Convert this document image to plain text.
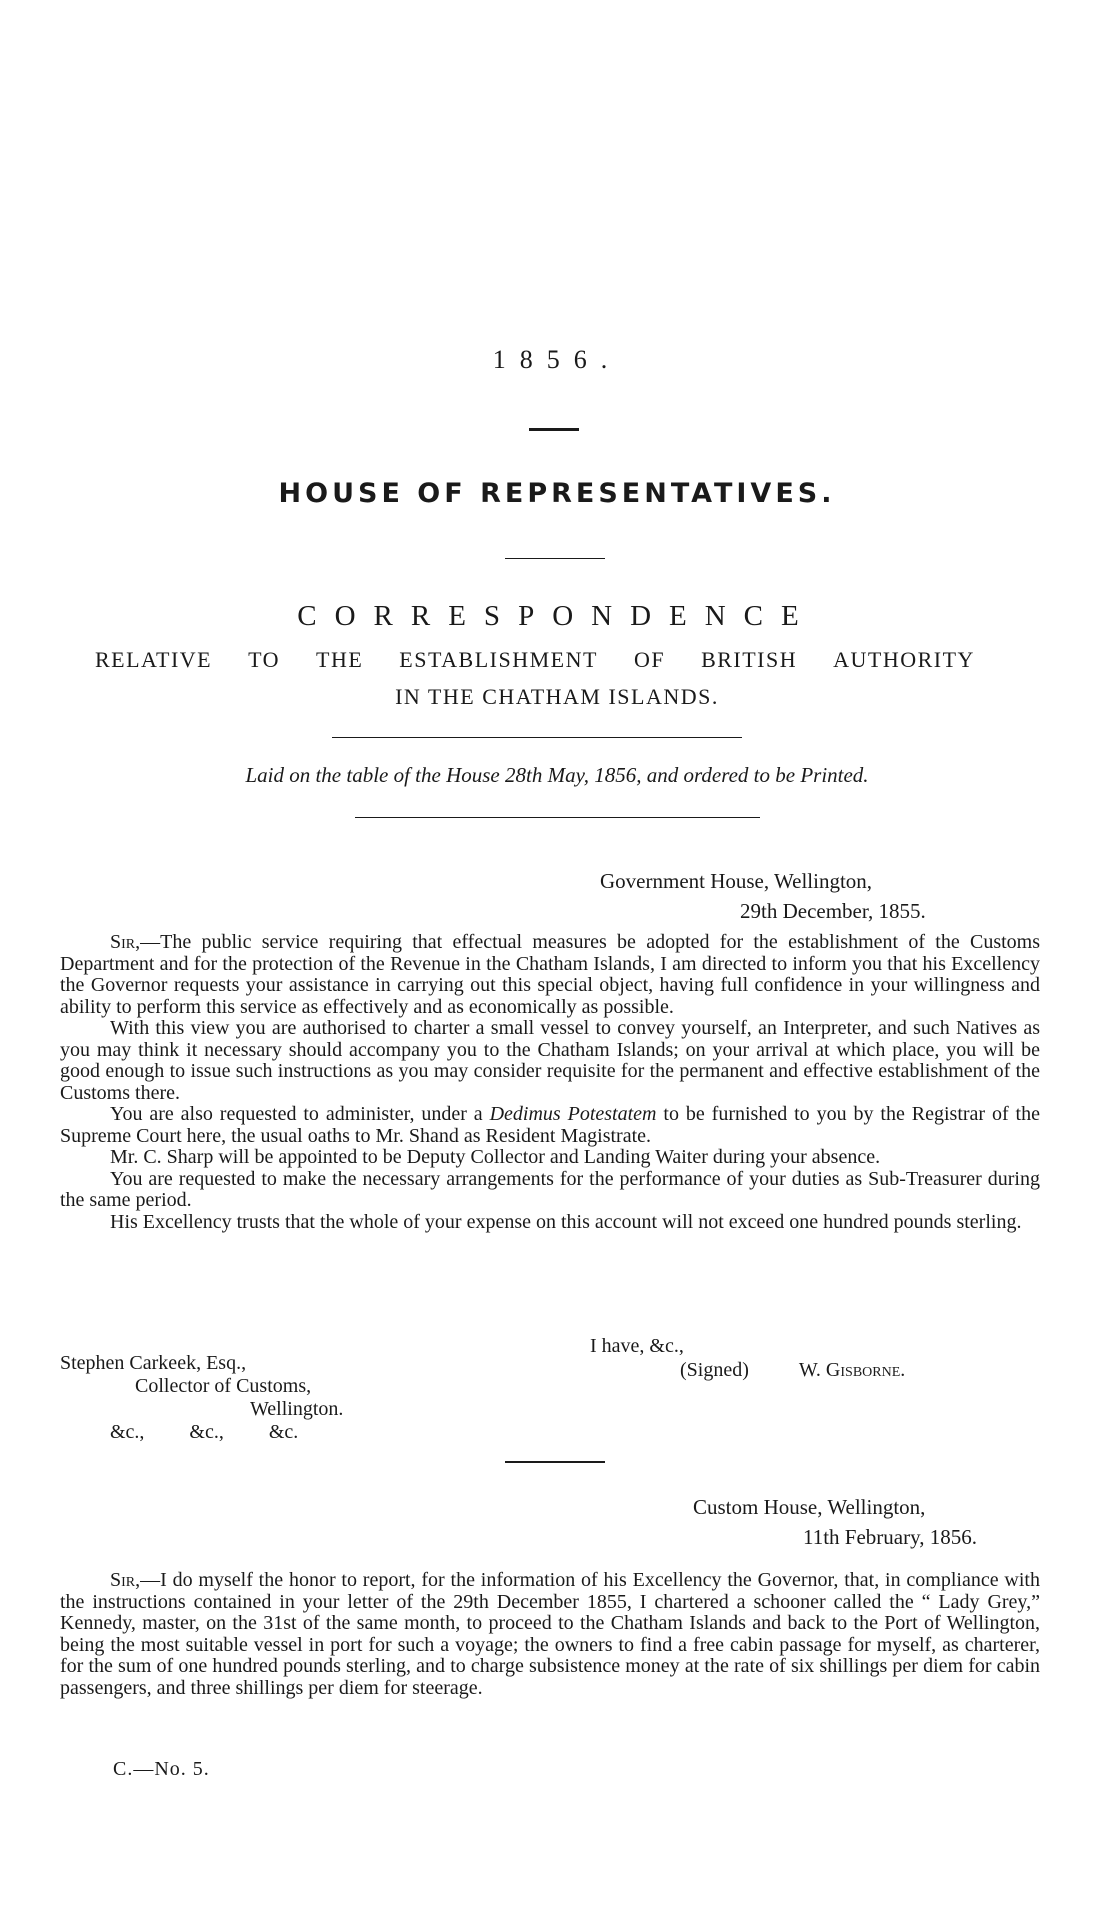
1856.
HOUSE OF REPRESENTATIVES.
CORRESPONDENCE
RELATIVE TO THE ESTABLISHMENT OF BRITISH AUTHORITY
IN THE CHATHAM ISLANDS.
Laid on the table of the House 28th May, 1856, and ordered to be Printed.
Government House, Wellington,
29th December, 1855.

Sir,—The public service requiring that effectual measures be adopted for the establishment of the Customs Department and for the protection of the Revenue in the Chatham Islands, I am directed to inform you that his Excellency the Governor requests your assistance in carrying out this special object, having full confidence in your willingness and ability to perform this service as effectively and as economically as possible.

With this view you are authorised to charter a small vessel to convey yourself, an Interpreter, and such Natives as you may think it necessary should accompany you to the Chatham Islands; on your arrival at which place, you will be good enough to issue such instructions as you may consider requisite for the permanent and effective establishment of the Customs there.

You are also requested to administer, under a Dedimus Potestatem to be furnished to you by the Registrar of the Supreme Court here, the usual oaths to Mr. Shand as Resident Magistrate.

Mr. C. Sharp will be appointed to be Deputy Collector and Landing Waiter during your absence.

You are requested to make the necessary arrangements for the performance of your duties as Sub-Treasurer during the same period.

His Excellency trusts that the whole of your expense on this account will not exceed one hundred pounds sterling.

I have, &c.,
(Signed)	W. Gisborne.
Stephen Carkeek, Esq.,
Collector of Customs,
Wellington.
&c., &c., &c.
Custom House, Wellington,
11th February, 1856.

Sir,—I do myself the honor to report, for the information of his Excellency the Governor, that, in compliance with the instructions contained in your letter of the 29th December 1855, I chartered a schooner called the “ Lady Grey,” Kennedy, master, on the 31st of the same month, to proceed to the Chatham Islands and back to the Port of Wellington, being the most suitable vessel in port for such a voyage; the owners to find a free cabin passage for myself, as charterer, for the sum of one hundred pounds sterling, and to charge subsistence money at the rate of six shillings per diem for cabin passengers, and three shillings per diem for steerage.

C.—No. 5.
